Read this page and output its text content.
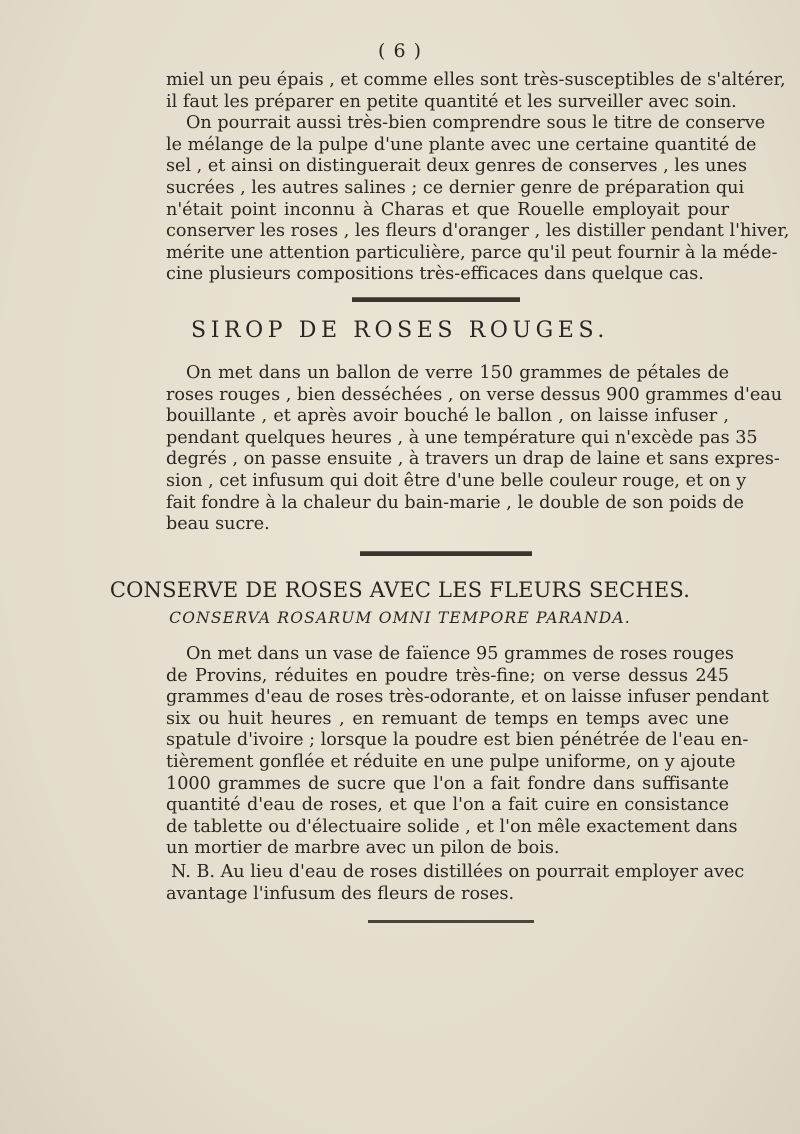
( 6 )

miel un peu épais , et comme elles sont très-susceptibles de s'altérer,
il faut les préparer en petite quantité et les surveiller avec soin.
On pourrait aussi très-bien comprendre sous le titre de conserve
le mélange de la pulpe d'une plante avec une certaine quantité de
sel , et ainsi on distinguerait deux genres de conserves , les unes
sucrées , les autres salines ; ce dernier genre de préparation qui
n'était point inconnu à Charas et que Rouelle employait pour
conserver les roses , les fleurs d'oranger , les distiller pendant l'hiver,
mérite une attention particulière, parce qu'il peut fournir à la méde-
cine plusieurs compositions très-efficaces dans quelque cas.

SIROP DE ROSES ROUGES.

On met dans un ballon de verre 150 grammes de pétales de
roses rouges , bien desséchées , on verse dessus 900 grammes d'eau
bouillante , et après avoir bouché le ballon , on laisse infuser ,
pendant quelques heures , à une température qui n'excède pas 35
degrés , on passe ensuite , à travers un drap de laine et sans expres-
sion , cet infusum qui doit être d'une belle couleur rouge, et on y
fait fondre à la chaleur du bain-marie , le double de son poids de
beau sucre.

CONSERVE DE ROSES AVEC LES FLEURS SECHES.
CONSERVA ROSARUM OMNI TEMPORE PARANDA.

On met dans un vase de faïence 95 grammes de roses rouges
de Provins, réduites en poudre très-fine; on verse dessus 245
grammes d'eau de roses très-odorante, et on laisse infuser pendant
six ou huit heures , en remuant de temps en temps avec une
spatule d'ivoire ; lorsque la poudre est bien pénétrée de l'eau en-
tièrement gonflée et réduite en une pulpe uniforme, on y ajoute
1000 grammes de sucre que l'on a fait fondre dans suffisante
quantité d'eau de roses, et que l'on a fait cuire en consistance
de tablette ou d'électuaire solide , et l'on mêle exactement dans
un mortier de marbre avec un pilon de bois.

N. B. Au lieu d'eau de roses distillées on pourrait employer avec
avantage l'infusum des fleurs de roses.
